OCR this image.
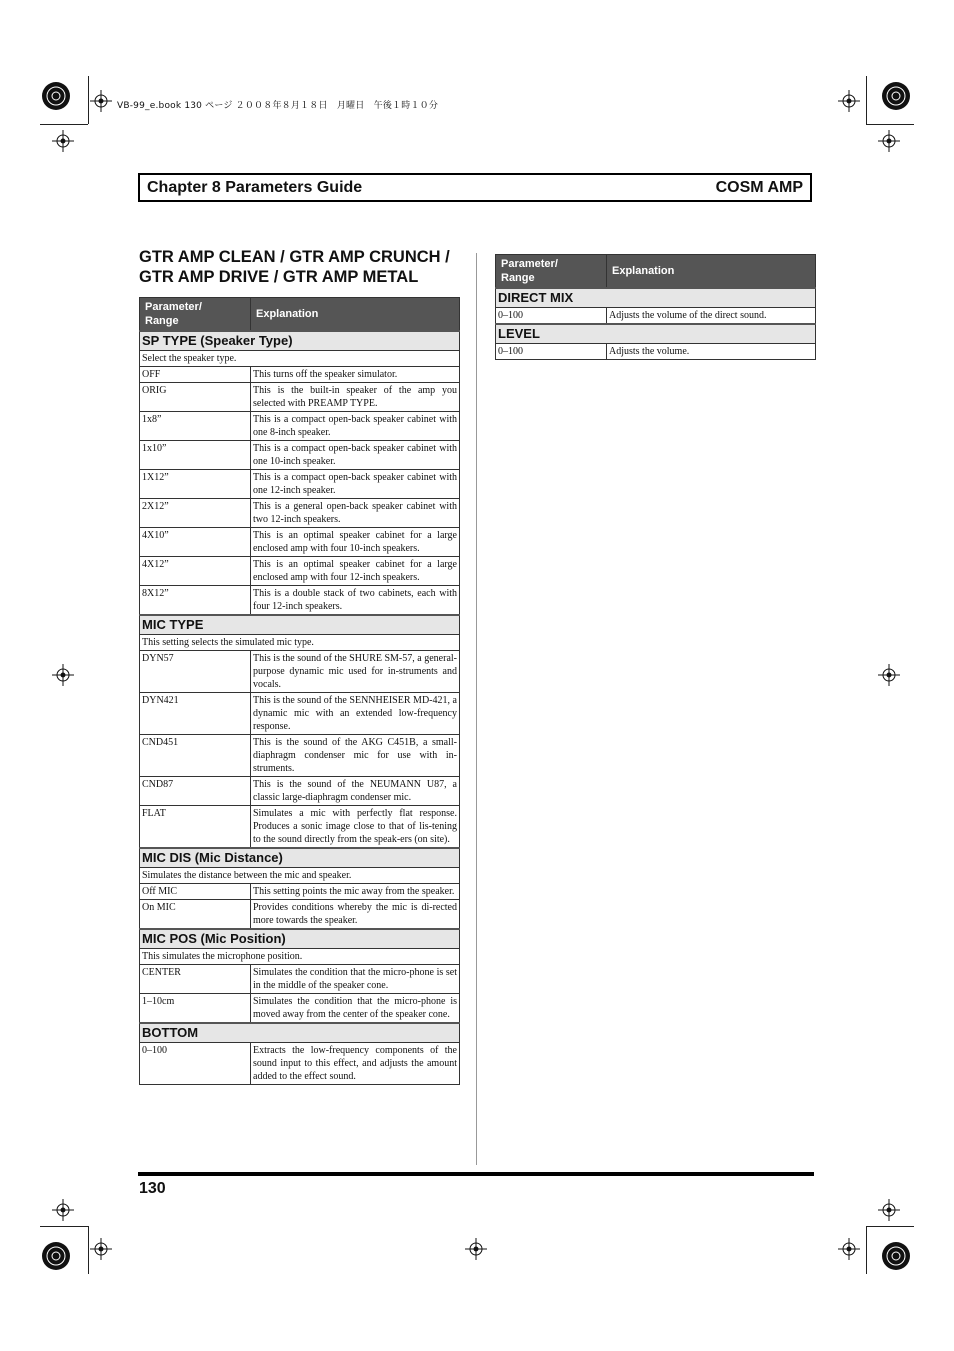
VB-99_e.book 130 ページ ２００８年８月１８日　月曜日　午後１時１０分
Chapter 8 Parameters Guide	COSM AMP
GTR AMP CLEAN / GTR AMP CRUNCH /
GTR AMP DRIVE / GTR AMP METAL
Parameter/
Range	Explanation
SP TYPE (Speaker Type)	
Select the speaker type.	
OFF	This turns off the speaker simulator.
ORIG	This is the built-in speaker of the amp you selected with PREAMP TYPE.
1x8”	This is a compact open-back speaker cabinet with one 8-inch speaker.
1x10”	This is a compact open-back speaker cabinet with one 10-inch speaker.
1X12”	This is a compact open-back speaker cabinet with one 12-inch speaker.
2X12”	This is a general open-back speaker cabinet with two 12-inch speakers.
4X10”	This is an optimal speaker cabinet for a large enclosed amp with four 10-inch speakers.
4X12”	This is an optimal speaker cabinet for a large enclosed amp with four 12-inch speakers.
8X12”	This is a double stack of two cabinets, each with four 12-inch speakers.
MIC TYPE	
This setting selects the simulated mic type.	
DYN57	This is the sound of the SHURE SM-57, a general-purpose dynamic mic used for in-struments and vocals.
DYN421	This is the sound of the SENNHEISER MD-421, a dynamic mic with an extended low-frequency response.
CND451	This is the sound of the AKG C451B, a small-diaphragm condenser mic for use with in-struments.
CND87	This is the sound of the NEUMANN U87, a classic large-diaphragm condenser mic.
FLAT	Simulates a mic with perfectly flat response. Produces a sonic image close to that of lis-tening to the sound directly from the speak-ers (on site).
MIC DIS (Mic Distance)	
Simulates the distance between the mic and speaker.	
Off MIC	This setting points the mic away from the speaker.
On MIC	Provides conditions whereby the mic is di-rected more towards the speaker.
MIC POS (Mic Position)	
This simulates the microphone position.	
CENTER	Simulates the condition that the micro-phone is set in the middle of the speaker cone.
1–10cm	Simulates the condition that the micro-phone is moved away from the center of the speaker cone.
BOTTOM	
0–100	Extracts the low-frequency components of the sound input to this effect, and adjusts the amount added to the effect sound.
Parameter/
Range	Explanation
DIRECT MIX	
0–100	Adjusts the volume of the direct sound.
LEVEL	
0–100	Adjusts the volume.
130
